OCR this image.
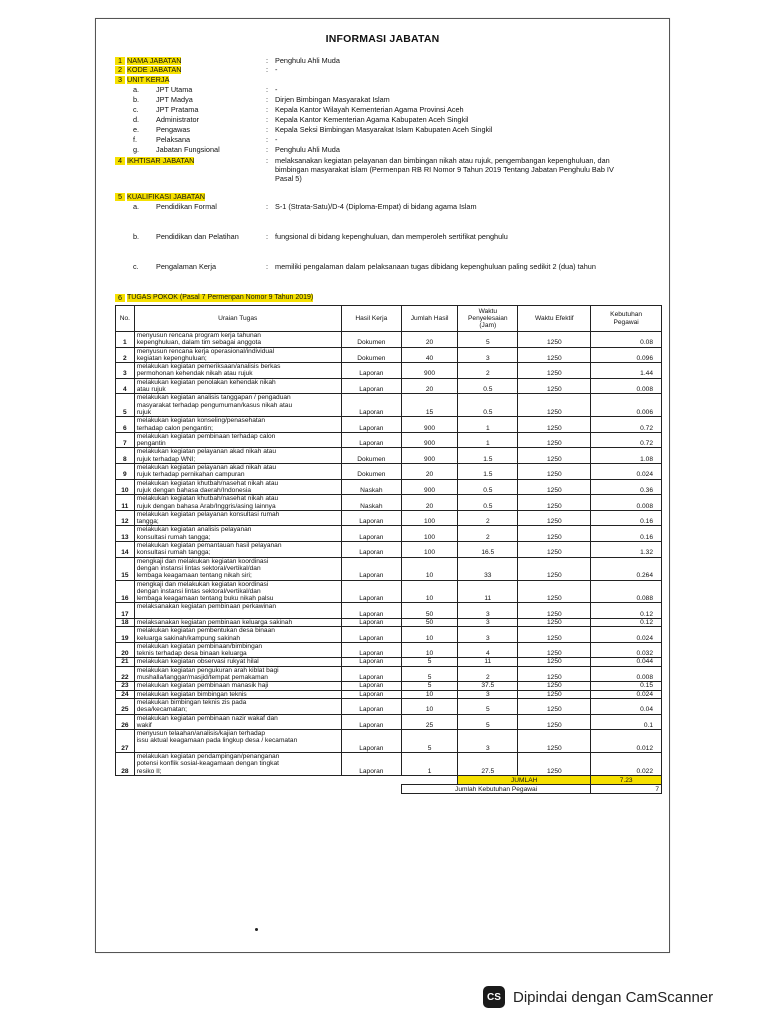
INFORMASI JABATAN
1 NAMA JABATAN	: Penghulu Ahli Muda
2 KODE JABATAN	: -
3 UNIT KERJA
a. JPT Utama	: -
b. JPT Madya	: Dirjen Bimbingan Masyarakat Islam
c. JPT Pratama	: Kepala Kantor Wilayah Kementerian Agama Provinsi Aceh
d. Administrator	: Kepala Kantor Kementerian Agama Kabupaten Aceh Singkil
e. Pengawas	: Kepala Seksi Bimbingan Masyarakat Islam Kabupaten Aceh Singkil
f.	Pelaksana	: -
g. Jabatan Fungsional	: Penghulu Ahli Muda
4 IKHTISAR JABATAN	: melaksanakan kegiatan pelayanan dan bimbingan nikah atau rujuk, pengembangan kepenghuluan, dan
bimbingan masyarakat islam (Permenpan RB RI Nomor 9 Tahun 2019 Tentang Jabatan Penghulu Bab IV
Pasal 5)
5 KUALIFIKASI JABATAN
a. Pendidikan Formal	: S-1 (Strata-Satu)/D-4 (Diploma-Empat) di bidang agama Islam
b. Pendidikan dan Pelatihan	: fungsional di bidang kepenghuluan, dan memperoleh sertifikat penghulu
c. Pengalaman Kerja	: memiliki pengalaman dalam pelaksanaan tugas dibidang kepenghuluan paling sedikit 2 (dua) tahun
6 TUGAS POKOK (Pasal 7 Permenpan Nomor 9 Tahun 2019)
No.	Uraian Tugas	Hasil Kerja	Jumlah Hasil	Waktu
Penyelesaian
(Jam)	Waktu Efektif	Kebutuhan
Pegawai

1	menyusun rencana program kerja tahunan
kepenghuluan, dalam tim sebagai anggota	Dokumen	20	5	1250	0.08
2	menyusun rencana kerja operasional/individual
kegiatan kepenghuluan;	Dokumen	40	3	1250	0.096
3	melakukan kegiatan pemeriksaan/analisis berkas
permohonan kehendak nikah atau rujuk	Laporan	900	2	1250	1.44
4	melakukan kegiatan penolakan kehendak nikah
atau rujuk	Laporan	20	0.5	1250	0.008
5	melakukan kegiatan analisis tanggapan / pengaduan
masyarakat terhadap pengumuman/kasus nikah atau
rujuk	Laporan	15	0.5	1250	0.006
6	melakukan kegiatan konseling/penasehatan
terhadap calon pengantin;	Laporan	900	1	1250	0.72
7	melakukan kegiatan pembinaan terhadap calon
pengantin	Laporan	900	1	1250	0.72
8	melakukan kegiatan pelayanan akad nikah atau
rujuk terhadap WNI;	Dokumen	900	1.5	1250	1.08
9	melakukan kegiatan pelayanan akad nikah atau
rujuk terhadap pernikahan campuran	Dokumen	20	1.5	1250	0.024
10	melakukan kegiatan khutbah/nasehat nikah atau
rujuk dengan bahasa daerah/Indonesia	Naskah	900	0.5	1250	0.36
11	melakukan kegiatan khutbah/nasehat nikah atau
rujuk dengan bahasa Arab/Inggris/asing lainnya	Naskah	20	0.5	1250	0.008
12	melakukan kegiatan pelayanan konsultasi rumah
tangga;	Laporan	100	2	1250	0.16
13	melakukan kegiatan analisis pelayanan
konsultasi rumah tangga;	Laporan	100	2	1250	0.16
14	melakukan kegiatan pemantauan hasil pelayanan
konsultasi rumah tangga;	Laporan	100	16.5	1250	1.32
15	mengkaji dan melakukan kegiatan koordinasi
dengan instansi lintas sektoral/vertikal/dan
lembaga keagamaan tentang nikah siri;	Laporan	10	33	1250	0.264
16	mengkaji dan melakukan kegiatan koordinasi
dengan instansi lintas sektoral/vertikal/dan
lembaga keagamaan tentang buku nikah palsu	Laporan	10	11	1250	0.088
17	melaksanakan kegiatan pembinaan perkawinan	Laporan	50	3	1250	0.12
18	melaksanakan kegiatan pembinaan keluarga sakinah	Laporan	50	3	1250	0.12
19	melakukan kegiatan pembentukan desa binaan
keluarga sakinah/kampung sakinah	Laporan	10	3	1250	0.024
20	melakukan kegiatan pembinaan/bimbingan
teknis terhadap desa binaan keluarga	Laporan	10	4	1250	0.032
21	melakukan kegiatan observasi rukyat hilal	Laporan	5	11	1250	0.044
22	melakukan kegiatan pengukuran arah kiblat bagi
mushalla/langgar/masjid/tempat pemakaman	Laporan	5	2	1250	0.008
23	melakukan kegiatan pembinaan manasik haji	Laporan	5	37.5	1250	0.15
24	melakukan kegiatan bimbingan teknis	Laporan	10	3	1250	0.024
25	melakukan bimbingan teknis zis pada
desa/kecamatan;	Laporan	10	5	1250	0.04
26	melakukan kegiatan pembinaan nazir wakaf dan
wakif	Laporan	25	5	1250	0.1
27	menyusun telaahan/analisis/kajian terhadap
issu aktual keagamaan pada lingkup desa / kecamatan	Laporan	5	3	1250	0.012
28	melakukan kegiatan pendampingan/penanganan
potensi konflik sosial-keagamaan dengan tingkat
resiko II;	Laporan	1	27.5	1250	0.022
				JUMLAH		7.23
			Jumlah Kebutuhan Pegawai			7
CS Dipindai dengan CamScanner
